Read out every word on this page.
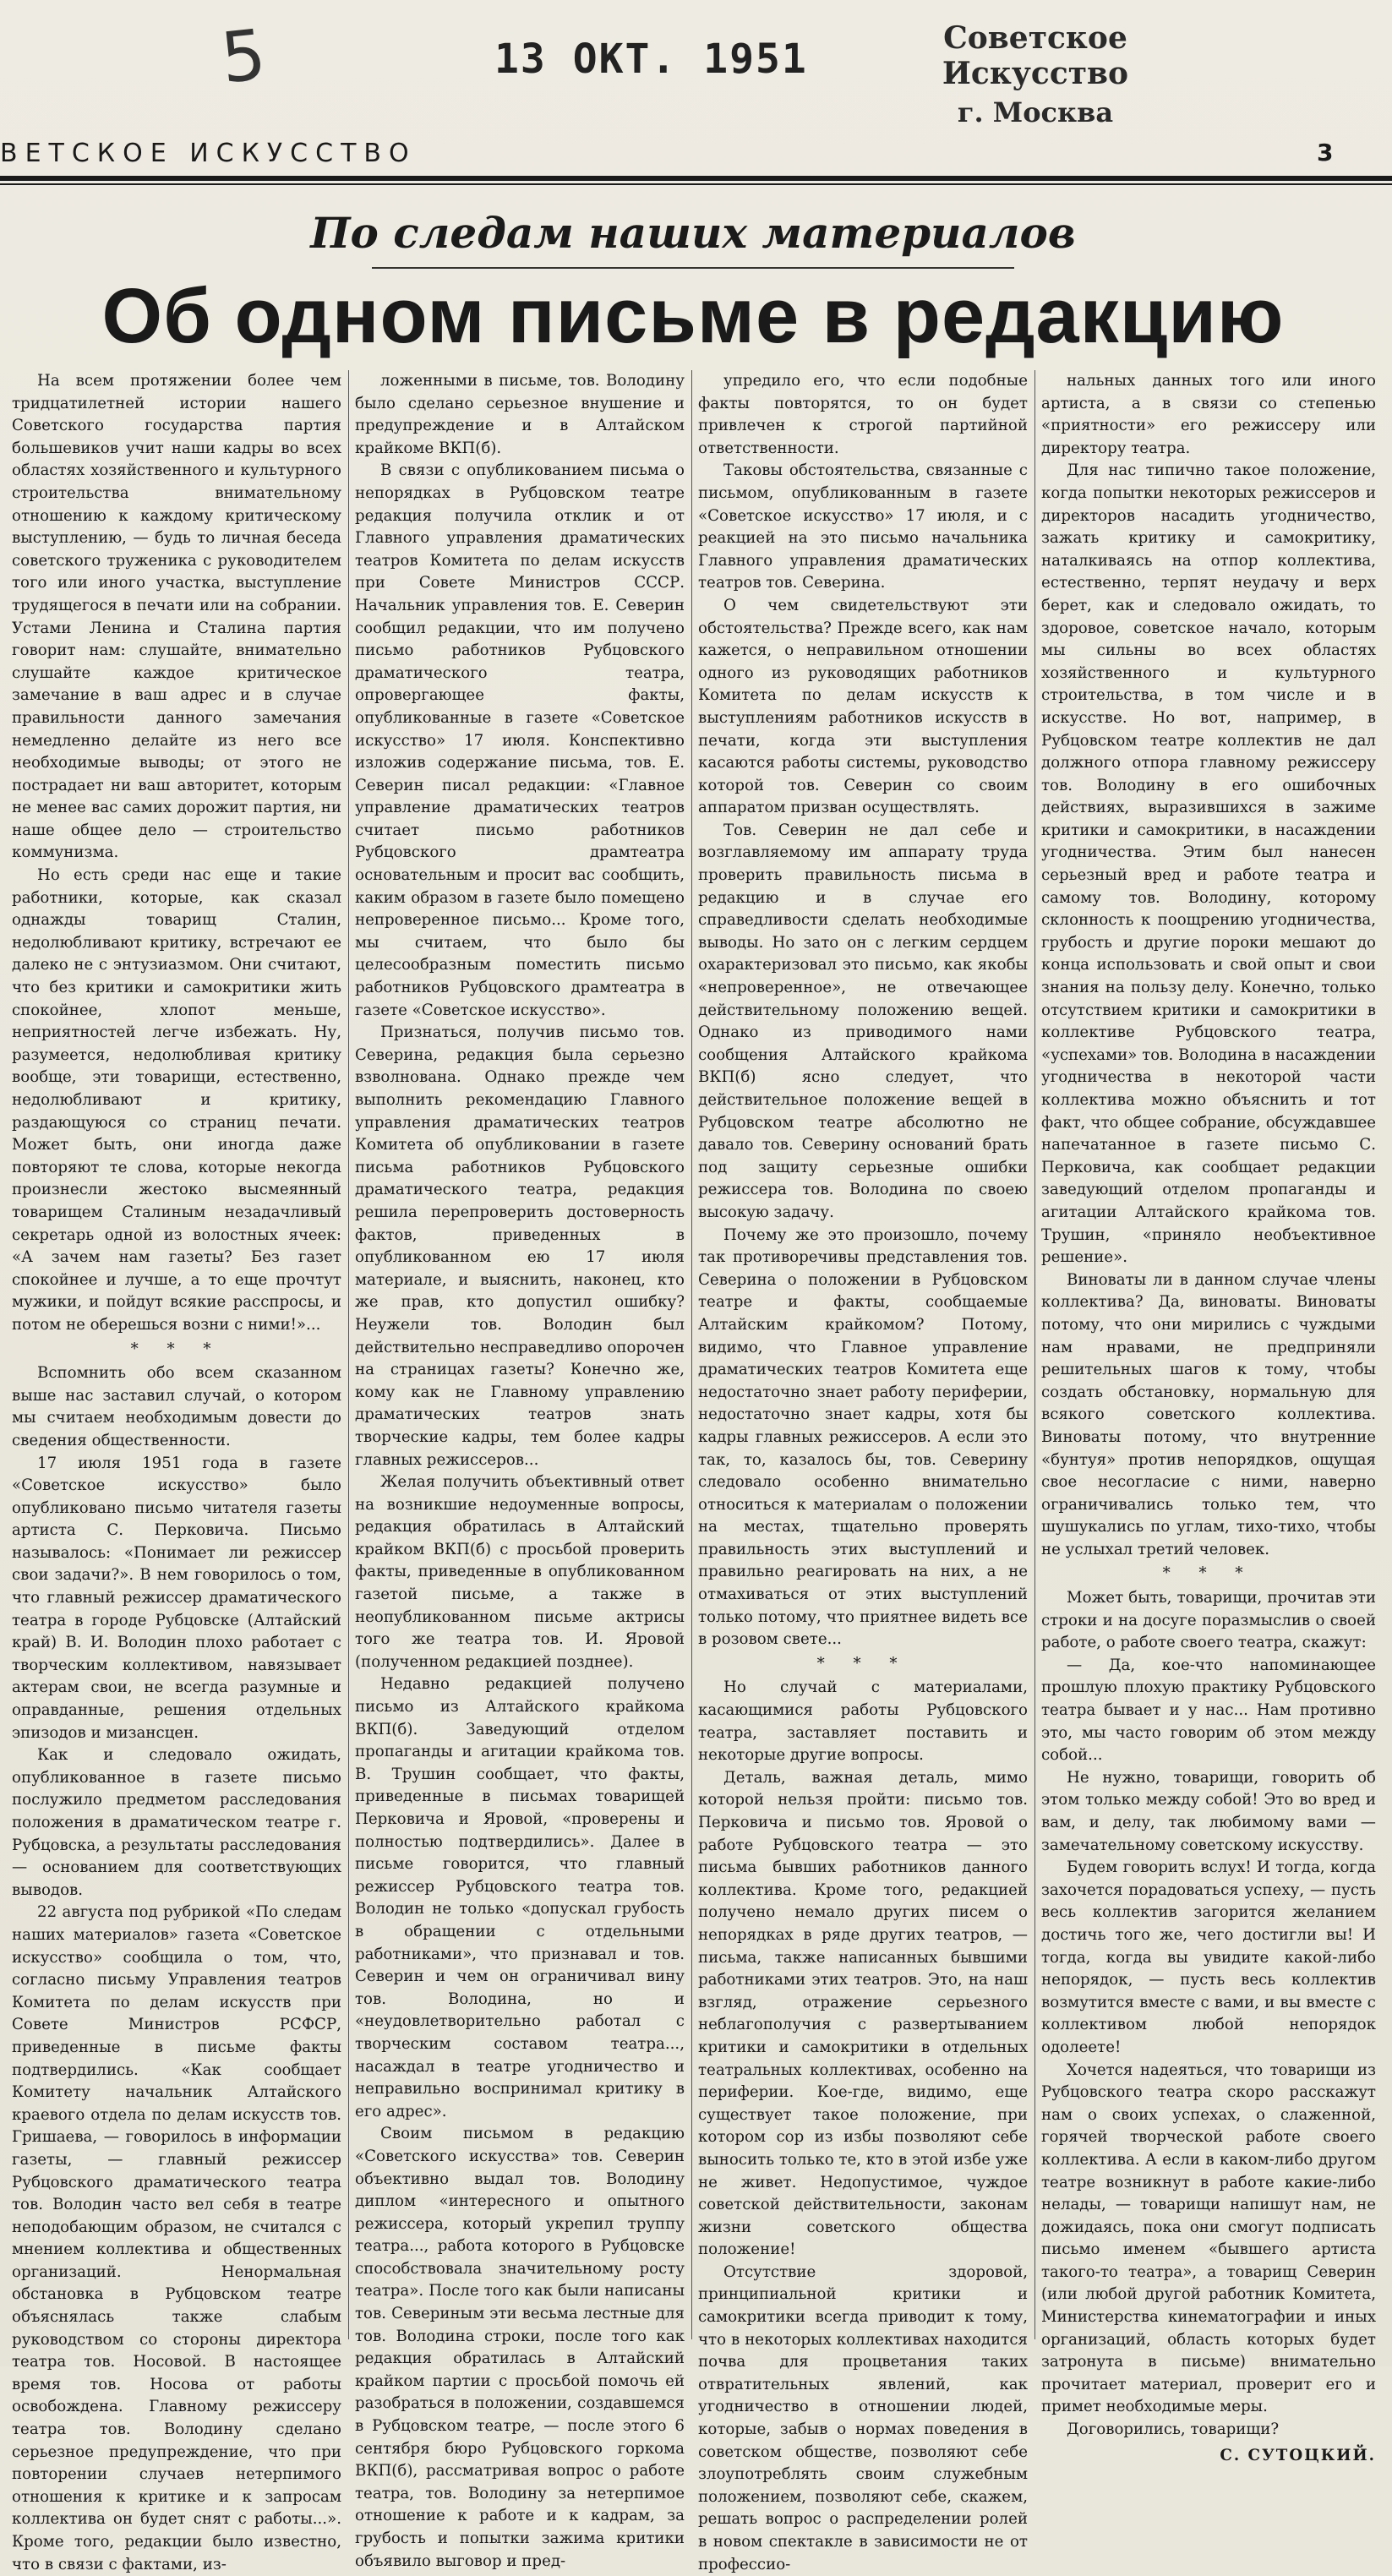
5	13 ОКТ. 1951	Советское Искусство
г. Москва
ВЕТСКОЕ ИСКУССТВО	3
По следам наших материалов
Об одном письме в редакцию

На всем протяжении более чем тридцатилетней истории нашего Советского государства партия большевиков учит наши кадры во всех областях хозяйственного и культурного строительства внимательному отношению к каждому критическому выступлению, — будь то личная беседа советского труженика с руководителем того или иного участка, выступление трудящегося в печати или на собрании. Устами Ленина и Сталина партия говорит нам: слушайте, внимательно слушайте каждое критическое замечание в ваш адрес и в случае правильности данного замечания немедленно делайте из него все необходимые выводы; от этого не пострадает ни ваш авторитет, которым не менее вас самих дорожит партия, ни наше общее дело — строительство коммунизма.

Но есть среди нас еще и такие работники, которые, как сказал однажды товарищ Сталин, недолюбливают критику, встречают ее далеко не с энтузиазмом. Они считают, что без критики и самокритики жить спокойнее, хлопот меньше, неприятностей легче избежать. Ну, разумеется, недолюбливая критику вообще, эти товарищи, естественно, недолюбливают и критику, раздающуюся со страниц печати. Может быть, они иногда даже повторяют те слова, которые некогда произнесли жестоко высмеянный товарищем Сталиным незадачливый секретарь одной из волостных ячеек: «А зачем нам газеты? Без газет спокойнее и лучше, а то еще прочтут мужики, и пойдут всякие расспросы, и потом не оберешься возни с ними!»...

* * *

Вспомнить обо всем сказанном выше нас заставил случай, о котором мы считаем необходимым довести до сведения общественности.

17 июля 1951 года в газете «Советское искусство» было опубликовано письмо читателя газеты артиста С. Перковича. Письмо называлось: «Понимает ли режиссер свои задачи?». В нем говорилось о том, что главный режиссер драматического театра в городе Рубцовске (Алтайский край) В. И. Володин плохо работает с творческим коллективом, навязывает актерам свои, не всегда разумные и оправданные, решения отдельных эпизодов и мизансцен.

Как и следовало ожидать, опубликованное в газете письмо послужило предметом расследования положения в драматическом театре г. Рубцовска, а результаты расследования — основанием для соответствующих выводов.

22 августа под рубрикой «По следам наших материалов» газета «Советское искусство» сообщила о том, что, согласно письму Управления театров Комитета по делам искусств при Совете Министров РСФСР, приведенные в письме факты подтвердились. «Как сообщает Комитету начальник Алтайского краевого отдела по делам искусств тов. Гришаева, — говорилось в информации газеты, — главный режиссер Рубцовского драматического театра тов. Володин часто вел себя в театре неподобающим образом, не считался с мнением коллектива и общественных организаций. Ненормальная обстановка в Рубцовском театре объяснялась также слабым руководством со стороны директора театра тов. Носовой. В настоящее время тов. Носова от работы освобождена. Главному режиссеру театра тов. Володину сделано серьезное предупреждение, что при повторении случаев нетерпимого отношения к критике и к запросам коллектива он будет снят с работы...». Кроме того, редакции было известно, что в связи с фактами, из-

ложенными в письме, тов. Володину было сделано серьезное внушение и предупреждение и в Алтайском крайкоме ВКП(б).

В связи с опубликованием письма о непорядках в Рубцовском театре редакция получила отклик и от Главного управления драматических театров Комитета по делам искусств при Совете Министров СССР. Начальник управления тов. Е. Северин сообщил редакции, что им получено письмо работников Рубцовского драматического театра, опровергающее факты, опубликованные в газете «Советское искусство» 17 июля. Конспективно изложив содержание письма, тов. Е. Северин писал редакции: «Главное управление драматических театров считает письмо работников Рубцовского драмтеатра основательным и просит вас сообщить, каким образом в газете было помещено непроверенное письмо... Кроме того, мы считаем, что было бы целесообразным поместить письмо работников Рубцовского драмтеатра в газете «Советское искусство».

Признаться, получив письмо тов. Северина, редакция была серьезно взволнована. Однако прежде чем выполнить рекомендацию Главного управления драматических театров Комитета об опубликовании в газете письма работников Рубцовского драматического театра, редакция решила перепроверить достоверность фактов, приведенных в опубликованном ею 17 июля материале, и выяснить, наконец, кто же прав, кто допустил ошибку? Неужели тов. Володин был действительно несправедливо опорочен на страницах газеты? Конечно же, кому как не Главному управлению драматических театров знать творческие кадры, тем более кадры главных режиссеров...

Желая получить объективный ответ на возникшие недоуменные вопросы, редакция обратилась в Алтайский крайком ВКП(б) с просьбой проверить факты, приведенные в опубликованном газетой письме, а также в неопубликованном письме актрисы того же театра тов. И. Яровой (полученном редакцией позднее).

Недавно редакцией получено письмо из Алтайского крайкома ВКП(б). Заведующий отделом пропаганды и агитации крайкома тов. В. Трушин сообщает, что факты, приведенные в письмах товарищей Перковича и Яровой, «проверены и полностью подтвердились». Далее в письме говорится, что главный режиссер Рубцовского театра тов. Володин не только «допускал грубость в обращении с отдельными работниками», что признавал и тов. Северин и чем он ограничивал вину тов. Володина, но и «неудовлетворительно работал с творческим составом театра..., насаждал в театре угодничество и неправильно воспринимал критику в его адрес».

Своим письмом в редакцию «Советского искусства» тов. Северин объективно выдал тов. Володину диплом «интересного и опытного режиссера, который укрепил труппу театра..., работа которого в Рубцовске способствовала значительному росту театра». После того как были написаны тов. Севериным эти весьма лестные для тов. Володина строки, после того как редакция обратилась в Алтайский крайком партии с просьбой помочь ей разобраться в положении, создавшемся в Рубцовском театре, — после этого 6 сентября бюро Рубцовского горкома ВКП(б), рассматривая вопрос о работе театра, тов. Володину за нетерпимое отношение к работе и к кадрам, за грубость и попытки зажима критики объявило выговор и пред-

упредило его, что если подобные факты повторятся, то он будет привлечен к строгой партийной ответственности.

Таковы обстоятельства, связанные с письмом, опубликованным в газете «Советское искусство» 17 июля, и с реакцией на это письмо начальника Главного управления драматических театров тов. Северина.

О чем свидетельствуют эти обстоятельства? Прежде всего, как нам кажется, о неправильном отношении одного из руководящих работников Комитета по делам искусств к выступлениям работников искусств в печати, когда эти выступления касаются работы системы, руководство которой тов. Северин со своим аппаратом призван осуществлять.

Тов. Северин не дал себе и возглавляемому им аппарату труда проверить правильность письма в редакцию и в случае его справедливости сделать необходимые выводы. Но зато он с легким сердцем охарактеризовал это письмо, как якобы «непроверенное», не отвечающее действительному положению вещей. Однако из приводимого нами сообщения Алтайского крайкома ВКП(б) ясно следует, что действительное положение вещей в Рубцовском театре абсолютно не давало тов. Северину оснований брать под защиту серьезные ошибки режиссера тов. Володина по своею высокую задачу.

Почему же это произошло, почему так противоречивы представления тов. Северина о положении в Рубцовском театре и факты, сообщаемые Алтайским крайкомом? Потому, видимо, что Главное управление драматических театров Комитета еще недостаточно знает работу периферии, недостаточно знает кадры, хотя бы кадры главных режиссеров. А если это так, то, казалось бы, тов. Северину следовало особенно внимательно относиться к материалам о положении на местах, тщательно проверять правильность этих выступлений и правильно реагировать на них, а не отмахиваться от этих выступлений только потому, что приятнее видеть все в розовом свете...

* * *

Но случай с материалами, касающимися работы Рубцовского театра, заставляет поставить и некоторые другие вопросы.

Деталь, важная деталь, мимо которой нельзя пройти: письмо тов. Перковича и письмо тов. Яровой о работе Рубцовского театра — это письма бывших работников данного коллектива. Кроме того, редакцией получено немало других писем о непорядках в ряде других театров, — письма, также написанных бывшими работниками этих театров. Это, на наш взгляд, отражение серьезного неблагополучия с развертыванием критики и самокритики в отдельных театральных коллективах, особенно на периферии. Кое-где, видимо, еще существует такое положение, при котором сор из избы позволяют себе выносить только те, кто в этой избе уже не живет. Недопустимое, чуждое советской действительности, законам жизни советского общества положение!

Отсутствие здоровой, принципиальной критики и самокритики всегда приводит к тому, что в некоторых коллективах находится почва для процветания таких отвратительных явлений, как угодничество в отношении людей, которые, забыв о нормах поведения в советском обществе, позволяют себе злоупотреблять своим служебным положением, позволяют себе, скажем, решать вопрос о распределении ролей в новом спектакле в зависимости не от профессио-

нальных данных того или иного артиста, а в связи со степенью «приятности» его режиссеру или директору театра.

Для нас типично такое положение, когда попытки некоторых режиссеров и директоров насадить угодничество, зажать критику и самокритику, наталкиваясь на отпор коллектива, естественно, терпят неудачу и верх берет, как и следовало ожидать, то здоровое, советское начало, которым мы сильны во всех областях хозяйственного и культурного строительства, в том числе и в искусстве. Но вот, например, в Рубцовском театре коллектив не дал должного отпора главному режиссеру тов. Володину в его ошибочных действиях, выразившихся в зажиме критики и самокритики, в насаждении угодничества. Этим был нанесен серьезный вред и работе театра и самому тов. Володину, которому склонность к поощрению угодничества, грубость и другие пороки мешают до конца использовать и свой опыт и свои знания на пользу делу. Конечно, только отсутствием критики и самокритики в коллективе Рубцовского театра, «успехами» тов. Володина в насаждении угодничества в некоторой части коллектива можно объяснить и тот факт, что общее собрание, обсуждавшее напечатанное в газете письмо С. Перковича, как сообщает редакции заведующий отделом пропаганды и агитации Алтайского крайкома тов. Трушин, «приняло необъективное решение».

Виноваты ли в данном случае члены коллектива? Да, виноваты. Виноваты потому, что они мирились с чуждыми нам нравами, не предприняли решительных шагов к тому, чтобы создать обстановку, нормальную для всякого советского коллектива. Виноваты потому, что внутренние «бунтуя» против непорядков, ощущая свое несогласие с ними, наверно ограничивались только тем, что шушукались по углам, тихо-тихо, чтобы не услыхал третий человек.

* * *

Может быть, товарищи, прочитав эти строки и на досуге поразмыслив о своей работе, о работе своего театра, скажут:

— Да, кое-что напоминающее прошлую плохую практику Рубцовского театра бывает и у нас... Нам противно это, мы часто говорим об этом между собой...

Не нужно, товарищи, говорить об этом только между собой! Это во вред и вам, и делу, так любимому вами — замечательному советскому искусству.

Будем говорить вслух! И тогда, когда захочется порадоваться успеху, — пусть весь коллектив загорится желанием достичь того же, чего достигли вы! И тогда, когда вы увидите какой-либо непорядок, — пусть весь коллектив возмутится вместе с вами, и вы вместе с коллективом любой непорядок одолеете!

Хочется надеяться, что товарищи из Рубцовского театра скоро расскажут нам о своих успехах, о слаженной, горячей творческой работе своего коллектива. А если в каком-либо другом театре возникнут в работе какие-либо нелады, — товарищи напишут нам, не дожидаясь, пока они смогут подписать письмо именем «бывшего артиста такого-то театра», а товарищ Северин (или любой другой работник Комитета, Министерства кинематографии и иных организаций, область которых будет затронута в письме) внимательно прочитает материал, проверит его и примет необходимые меры.

Договорились, товарищи?

С. СУТОЦКИЙ.
